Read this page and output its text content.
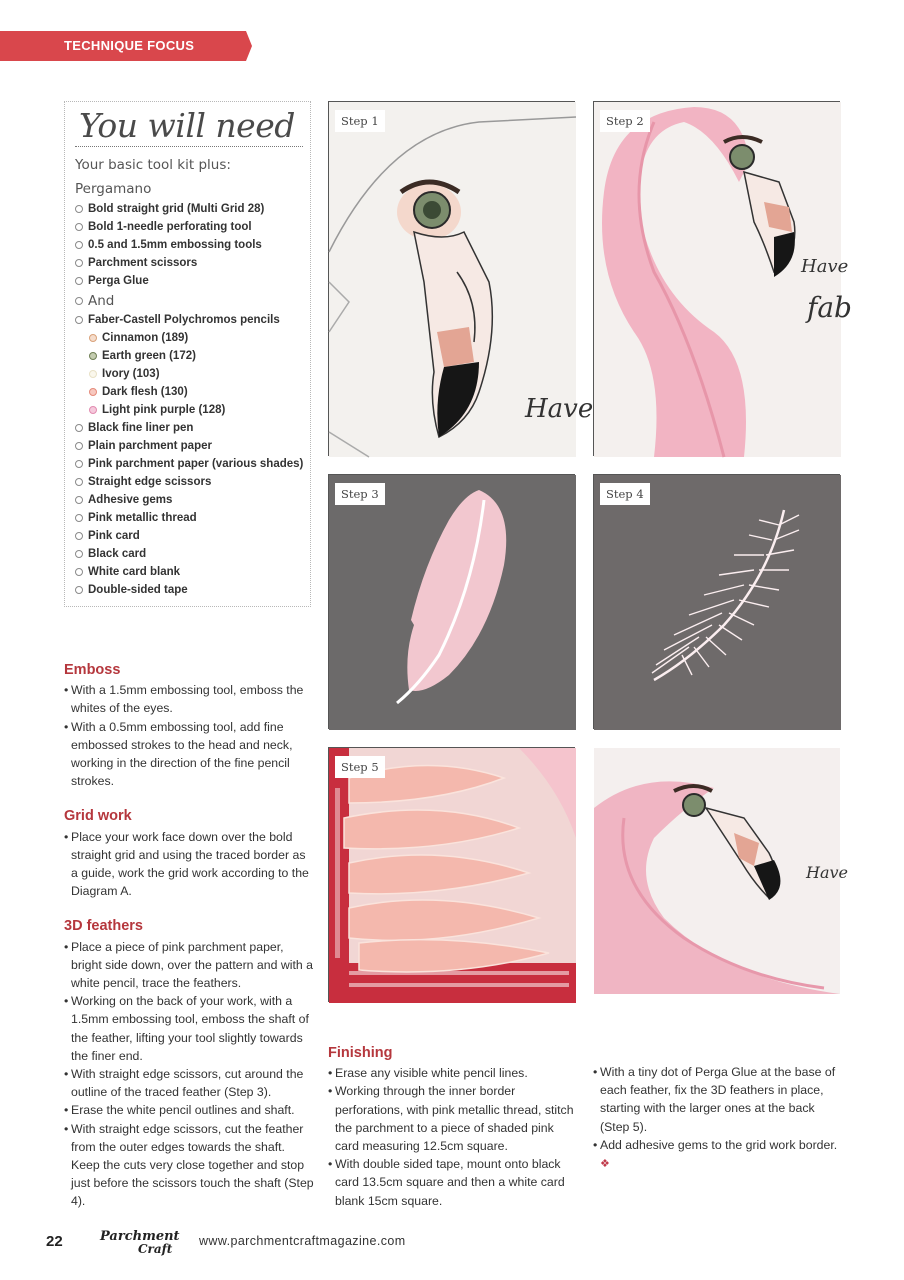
TECHNIQUE FOCUS
You will need
Your basic tool kit plus:
Pergamano
Bold straight grid (Multi Grid 28)
Bold 1-needle perforating tool
0.5 and 1.5mm embossing tools
Parchment scissors
Perga Glue
And
Faber-Castell Polychromos pencils
Cinnamon (189)
Earth green (172)
Ivory (103)
Dark flesh (130)
Light pink purple (128)
Black fine liner pen
Plain parchment paper
Pink parchment paper (various shades)
Straight edge scissors
Adhesive gems
Pink metallic thread
Pink card
Black card
White card blank
Double-sided tape
Emboss
• With a 1.5mm embossing tool, emboss the whites of the eyes.
• With a 0.5mm embossing tool, add fine embossed strokes to the head and neck, working in the direction of the fine pencil strokes.
Grid work
• Place your work face down over the bold straight grid and using the traced border as a guide, work the grid work according to the Diagram A.
3D feathers
• Place a piece of pink parchment paper, bright side down, over the pattern and with a white pencil, trace the feathers.
• Working on the back of your work, with a 1.5mm embossing tool, emboss the shaft of the feather, lifting your tool slightly towards the finer end.
• With straight edge scissors, cut around the outline of the traced feather (Step 3).
• Erase the white pencil outlines and shaft.
• With straight edge scissors, cut the feather from the outer edges towards the shaft. Keep the cuts very close together and stop just before the scissors touch the shaft (Step 4).
Finishing
• Erase any visible white pencil lines.
• Working through the inner border perforations, with pink metallic thread, stitch the parchment to a piece of shaded pink card measuring 12.5cm square.
• With double sided tape, mount onto black card 13.5cm square and then a white card blank 15cm square.
• With a tiny dot of Perga Glue at the base of each feather, fix the 3D feathers in place, starting with the larger ones at the back (Step 5).
• Add adhesive gems to the grid work border. ❖
Have
Step 1
Have
fab
Step 2
Step 3	Step 4
Step 5
Have
22	Parchment
Craft
www.parchmentcraftmagazine.com
